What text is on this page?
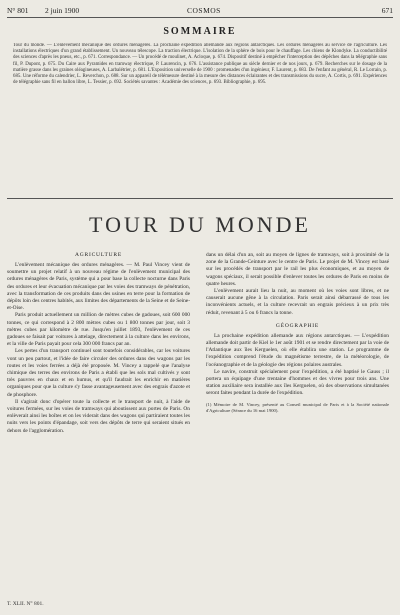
N° 801 2 juin 1900	COSMOS	671
SOMMAIRE
Tour du monde. — L'enlèvement mécanique des ordures ménagères. La prochaine expédition allemande aux régions antarctiques. Les ordures ménagères au service de l'agriculture. Les installations électriques d'un grand établissement. Un nouveau télescope. La traction électrique. L'isolation de la sphère de bois pour le chauffage. Les chiens de Klondyke. La conductibilité des sciences d'après les pneus, etc., p. 671. Correspondance. — Un procédé de moulinet, A. Acloque, p. 674. Dispositif destiné à empêcher l'interception des dépêches dans la télégraphie sans fil, P. Dupont, p. 675. Du Caire aux Pyramides en tramway électrique, P. Laurencin, p. 676. L'assistance publique au siècle dernier et de nos jours, p. 679. Recherches sur le dosage de la matière grasse dans les graines oléagineuses, A. Larbalétrier, p. 681. L'Exposition universelle de 1900 : promenades d'un ingénieur, F. Laurent, p. 683. De l'enfant au général, R. Le Lorrain, p. 685. Une réforme du calendrier, L. Reverchon, p. 688. Sur un appareil de télémesure destiné à la mesure des distances éclairantes et des transmissions du sucre, A. Cortis, p. 691. Expériences de télégraphie sans fil en ballon libre, L. Tessier, p. 692. Sociétés savantes : Académie des sciences, p. 693. Bibliographie, p. 695.
TOUR DU MONDE
AGRICULTURE

L'enlèvement mécanique des ordures ménagères. — M. Paul Vincey vient de soumettre un projet relatif à un nouveau régime de l'enlèvement municipal des ordures ménagères de Paris, système qui a pour base la collecte nocturne dans Paris des ordures et leur évacuation mécanique par les voies des tramways de pénétration, avec la transformation de ces produits dans des usines en terre pour la formation de dépôts loin des centres habités, aux limites des départements de la Seine et de Seine-et-Oise.

Paris produit actuellement un million de mètres cubes de gadoues, soit 600 000 tonnes, ce qui correspond à 2 800 mètres cubes ou 1 800 tonnes par jour, soit 3 mètres cubes par kilomètre de rue. Jusqu'en juillet 1893, l'enlèvement de ces gadoues se faisait par voitures à attelage, directement à la culture dans les environs, et la ville de Paris payait pour cela 300 000 francs par an.

Les pertes d'un transport continuel sont toutefois considérables, car les voitures vont un peu partout, et l'idée de faire circuler des ordures dans des wagons par les routes et les voies ferrées a déjà été proposée. M. Vincey a rappelé que l'analyse chimique des terres des environs de Paris a établi que les sols mal cultivés y sont très pauvres en chaux et en humus, et qu'il faudrait les enrichir en matières organiques pour que la culture s'y fasse avantageusement avec des engrais d'azote et de phosphore.

Il s'agirait donc d'opérer toute la collecte et le transport de nuit, à l'aide de voitures fermées, sur les voies de tramways qui aboutissent aux portes de Paris. On enlèverait ainsi les boîtes et on les viderait dans des wagons qui partiraient toutes les nuits vers les points d'épandage, soit vers des dépôts de terre qui seraient situés en dehors de l'agglomération.

dans un délai d'un an, soit au moyen de lignes de tramways, soit à proximité de la zone de la Grande-Ceinture avec le centre de Paris. Le projet de M. Vincey est basé sur les procédés de transport par le rail les plus économiques, et au moyen de wagons spéciaux, il serait possible d'enlever toutes les ordures de Paris en moins de quatre heures.

L'enlèvement aurait lieu la nuit, au moment où les voies sont libres, et ne causerait aucune gêne à la circulation. Paris serait ainsi débarrassé de tous les inconvénients actuels, et la culture recevrait un engrais précieux à un prix très réduit, revenant à 5 ou 6 francs la tonne.

GÉOGRAPHIE

La prochaine expédition allemande aux régions antarctiques. — L'expédition allemande doit partir de Kiel le 1er août 1901 et se rendre directement par la voie de l'Atlantique aux îles Kerguelen, où elle établira une station. Le programme de l'expédition comprend l'étude du magnétisme terrestre, de la météorologie, de l'océanographie et de la géologie des régions polaires australes.

Le navire, construit spécialement pour l'expédition, a été baptisé le Gauss ; il portera un équipage d'une trentaine d'hommes et des vivres pour trois ans. Une station auxiliaire sera installée aux îles Kerguelen, où des observations simultanées seront faites pendant la durée de l'expédition.

(1) Mémoire de M. Vincey, présenté au Conseil municipal de Paris et à la Société nationale d'Agriculture (Séance du 16 mai 1900).
T. XLII. N° 801.
